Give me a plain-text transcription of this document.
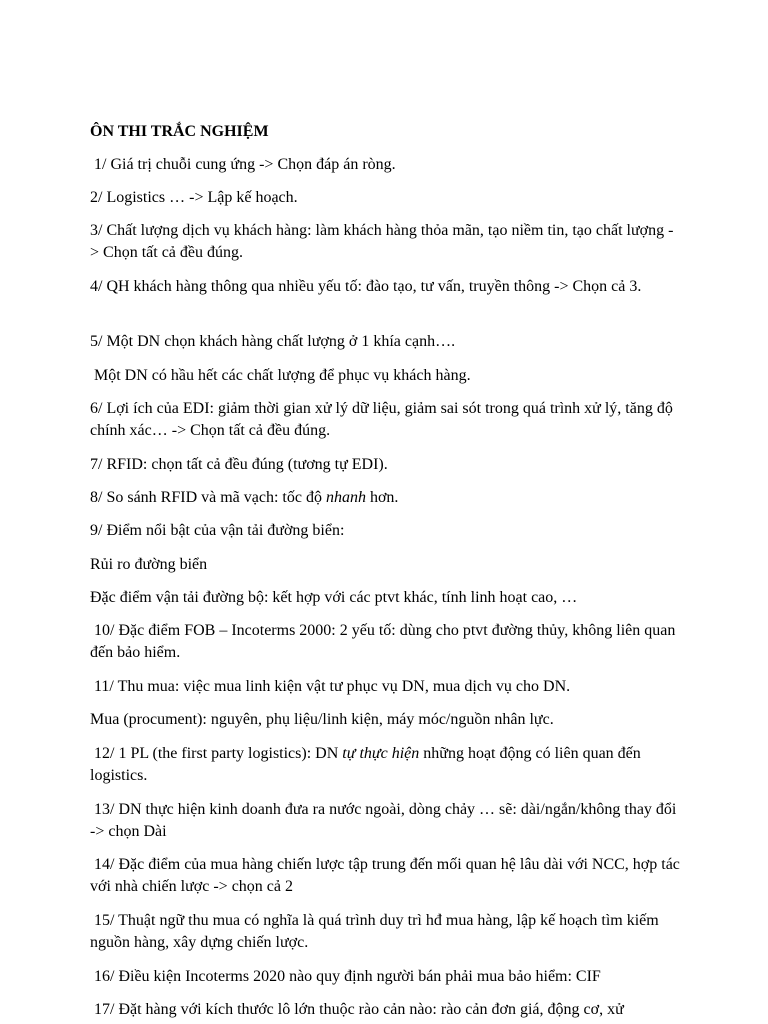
ÔN THI TRẮC NGHIỆM

1/ Giá trị chuỗi cung ứng -> Chọn đáp án ròng.

2/ Logistics … -> Lập kế hoạch.

3/ Chất lượng dịch vụ khách hàng: làm khách hàng thỏa mãn, tạo niềm tin, tạo chất lượng -> Chọn tất cả đều đúng.

4/ QH khách hàng thông qua nhiều yếu tố: đào tạo, tư vấn, truyền thông -> Chọn cả 3.

5/ Một DN chọn khách hàng chất lượng ở 1 khía cạnh….

Một DN có hầu hết các chất lượng để phục vụ khách hàng.

6/ Lợi ích của EDI: giảm thời gian xử lý dữ liệu, giảm sai sót trong quá trình xử lý, tăng độ chính xác… -> Chọn tất cả đều đúng.

7/ RFID: chọn tất cả đều đúng (tương tự EDI).

8/ So sánh RFID và mã vạch: tốc độ nhanh hơn.

9/ Điểm nổi bật của vận tải đường biển:

Rủi ro đường biển

Đặc điểm vận tải đường bộ: kết hợp với các ptvt khác, tính linh hoạt cao, …

10/ Đặc điểm FOB – Incoterms 2000: 2 yếu tố: dùng cho ptvt đường thủy, không liên quan đến bảo hiểm.

11/ Thu mua: việc mua linh kiện vật tư phục vụ DN, mua dịch vụ cho DN.

Mua (procument): nguyên, phụ liệu/linh kiện, máy móc/nguồn nhân lực.

12/ 1 PL (the first party logistics): DN tự thực hiện những hoạt động có liên quan đến logistics.

13/ DN thực hiện kinh doanh đưa ra nước ngoài, dòng chảy … sẽ: dài/ngắn/không thay đổi -> chọn Dài

14/ Đặc điểm của mua hàng chiến lược tập trung đến mối quan hệ lâu dài với NCC, hợp tác với nhà chiến lược -> chọn cả 2

15/ Thuật ngữ thu mua có nghĩa là quá trình duy trì hđ mua hàng, lập kế hoạch tìm kiếm nguồn hàng, xây dựng chiến lược.

16/ Điều kiện Incoterms 2020 nào quy định người bán phải mua bảo hiểm: CIF

17/ Đặt hàng với kích thước lô lớn thuộc rào cản nào: rào cản đơn giá, động cơ, xử
